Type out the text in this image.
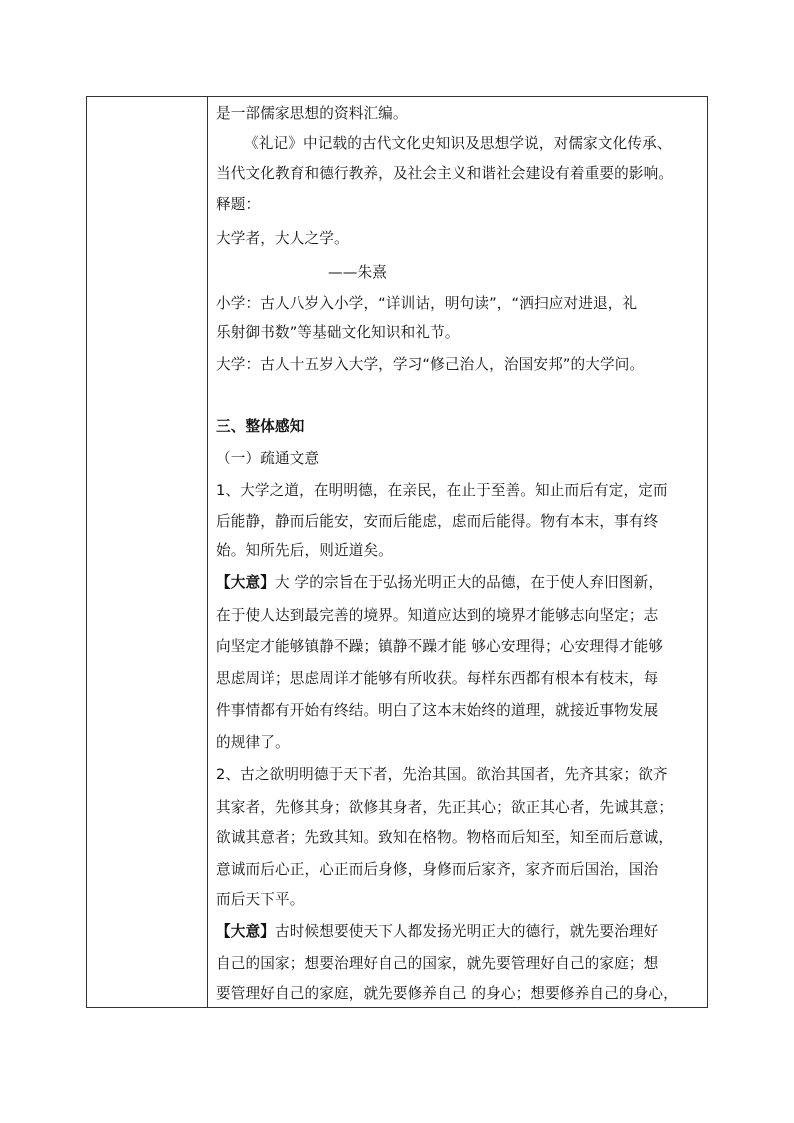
是一部儒家思想的资料汇编。
《礼记》中记载的古代文化史知识及思想学说，对儒家文化传承、
当代文化教育和德行教养，及社会主义和谐社会建设有着重要的影响。
释题：
大学者，大人之学。
——朱熹
小学：古人八岁入小学，“详训诂，明句读”，“洒扫应对进退，礼
乐射御书数”等基础文化知识和礼节。
大学：古人十五岁入大学，学习“修己治人，治国安邦”的大学问。
三、整体感知
（一）疏通文意
1、大学之道，在明明德，在亲民，在止于至善。知止而后有定，定而
后能静，静而后能安，安而后能虑，虑而后能得。物有本末，事有终
始。知所先后，则近道矣。
【大意】大 学的宗旨在于弘扬光明正大的品德，在于使人弃旧图新，
在于使人达到最完善的境界。知道应达到的境界才能够志向坚定；志
向坚定才能够镇静不躁；镇静不躁才能 够心安理得；心安理得才能够
思虑周详；思虑周详才能够有所收获。每样东西都有根本有枝末，每
件事情都有开始有终结。明白了这本末始终的道理，就接近事物发展
的规律了。
2、古之欲明明德于天下者，先治其国。欲治其国者，先齐其家；欲齐
其家者，先修其身；欲修其身者，先正其心；欲正其心者，先诚其意；
欲诚其意者；先致其知。致知在格物。物格而后知至，知至而后意诚，
意诚而后心正，心正而后身修，身修而后家齐，家齐而后国治，国治
而后天下平。
【大意】古时候想要使天下人都发扬光明正大的德行，就先要治理好
自己的国家；想要治理好自己的国家，就先要管理好自己的家庭；想
要管理好自己的家庭，就先要修养自己 的身心；想要修养自己的身心，
